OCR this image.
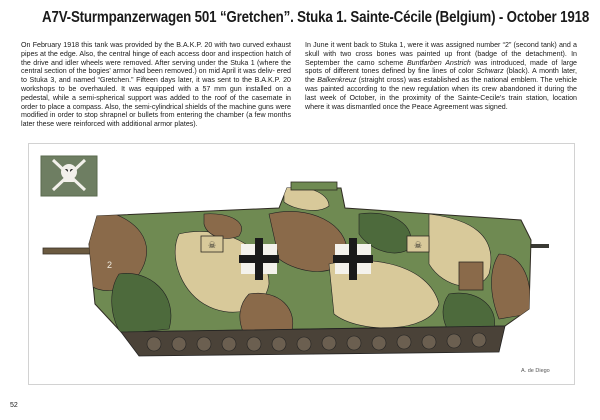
A7V-Sturmpanzerwagen 501 “Gretchen”. Stuka 1. Sainte-Cécile (Belgium) - October 1918
On February 1918 this tank was provided by the B.A.K.P. 20 with two curved exhaust pipes at the edge. Also, the central hinge of each access door and inspection hatch of the drive and idler wheels were removed. After serving under the Stuka 1 (where the central section of the bogies' armor had been removed.) on mid April it was deliv- ered to Stuka 3, and named “Gretchen.” Fifteen days later, it was sent to the B.A.K.P. 20 workshops to be overhauled. It was equipped with a 57 mm gun installed on a pedestal, while a semi-spherical support was added to the roof of the casemate in order to place a compass. Also, the semi-cylindrical shields of the machine guns were modified in order to stop shrapnel or bullets from entering the chamber (a few months later these were reinforced with additional armor plates).
In June it went back to Stuka 1, were it was assigned number “2” (second tank) and a skull with two cross bones was painted up front (badge of the detachment). In September the camo scheme Buntfarben Anstrich was introduced, made of large spots of different tones defined by fine lines of color Schwarz (black). A month later, the Balkenkreuz (straight cross) was established as the national emblem. The vehicle was painted according to the new regulation when its crew abandoned it during the last week of October, in the proximity of the Sainte-Cecile's train station, location where it was dismantled once the Peace Agreement was signed.
☠	☠
2
A. de Diego
52
